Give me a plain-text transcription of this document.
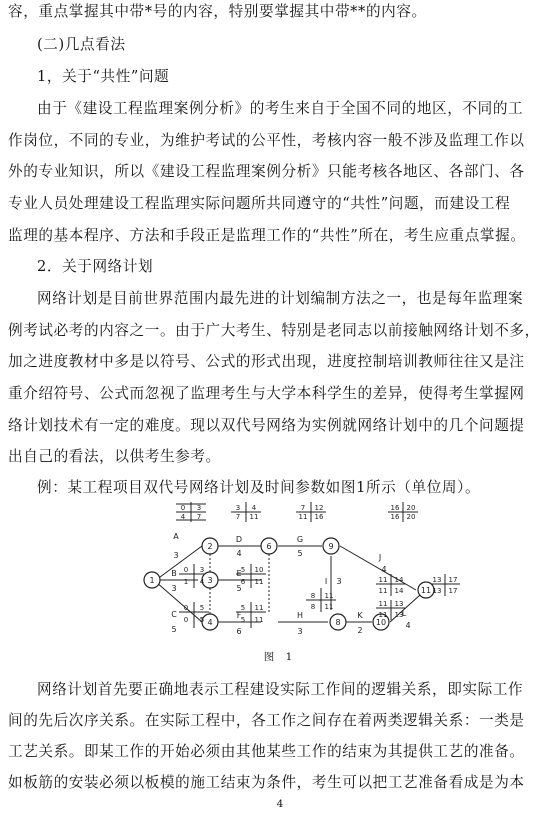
容，重点掌握其中带*号的内容，特别要掌握其中带**的内容。
(二)几点看法
1，关于“共性”问题
由于《建设工程监理案例分析》的考生来自于全国不同的地区，不同的工
作岗位，不同的专业，为维护考试的公平性，考核内容一般不涉及监理工作以
外的专业知识，所以《建设工程监理案例分析》只能考核各地区、各部门、各
专业人员处理建设工程监理实际问题所共同遵守的“共性”问题，而建设工程
监理的基本程序、方法和手段正是监理工作的“共性”所在，考生应重点掌握。
2．关于网络计划
网络计划是目前世界范围内最先进的计划编制方法之一，也是每年监理案
例考试必考的内容之一。由于广大考生、特别是老同志以前接触网络计划不多，
加之进度教材中多是以符号、公式的形式出现，进度控制培训教师往往又是注
重介绍符号、公式而忽视了监理考生与大学本科学生的差异，使得考生掌握网
络计划技术有一定的难度。现以双代号网络为实例就网络计划中的几个问题提
出自己的看法，以供考生参考。
例：某工程项目双代号网络计划及时间参数如图1所示（单位周）。
1
2
3
4
6
8
9
10
11
A
B
C
D
E
F
G
H
I
J
K	L
3
3
5
4
5
6
5
3
3
4
2
4
0 3
4 7
3 4
7 11
7 12
11 16
16 20
16 20
0 3
1 4
0 5
0 5
5 10
6 11
5 11
5 11
8 11
8 11
11 14
11 14
11 13
11 13
13 17
13 17
图 1
网络计划首先要正确地表示工程建设实际工作间的逻辑关系，即实际工作
间的先后次序关系。在实际工程中，各工作之间存在着两类逻辑关系：一类是
工艺关系。即某工作的开始必须由其他某些工作的结束为其提供工艺的准备。
如板筋的安装必须以板模的施工结束为条件，考生可以把工艺准备看成是为本
4
